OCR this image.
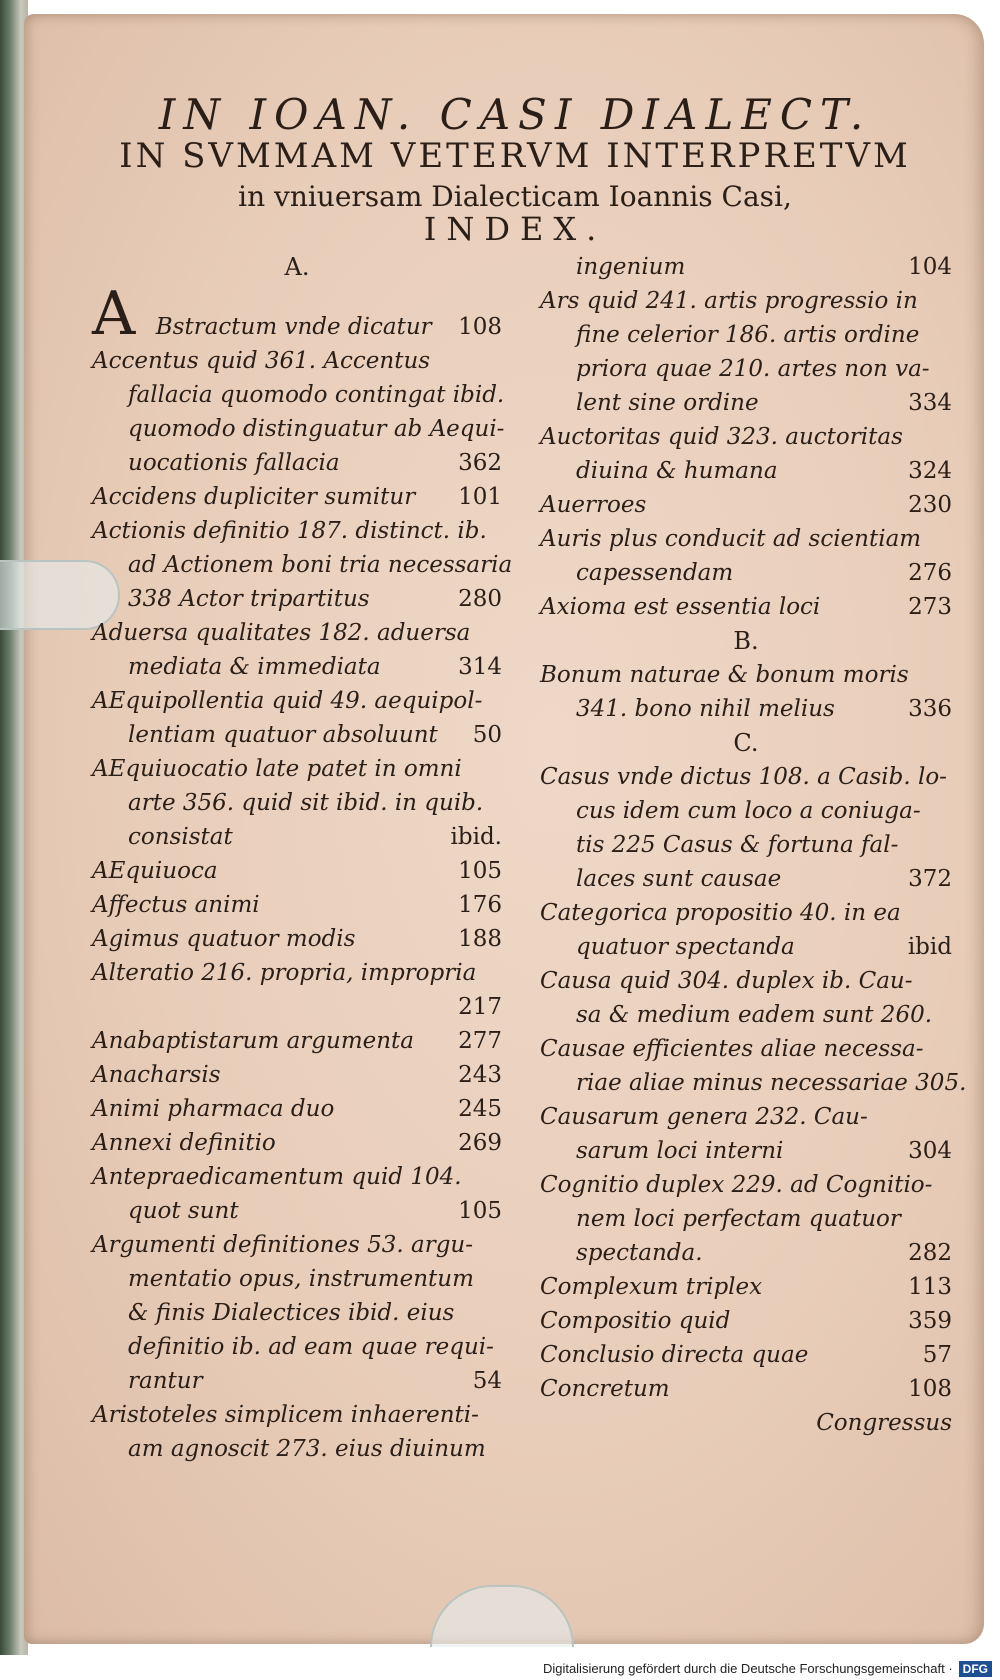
IN IOAN. CASI DIALECT.
IN SVMMAM VETERVM INTERPRETVM
in vniuersam Dialecticam Ioannis Casi,
INDEX.
A.
A Bstractum vnde dicatur	108
Accentus quid 361. Accentus
fallacia quomodo contingat ibid.
quomodo distinguatur ab Aequi-
uocationis fallacia	362
Accidens dupliciter sumitur	101
Actionis definitio 187. distinct. ib.
ad Actionem boni tria necessaria
338 Actor tripartitus	280
Aduersa qualitates 182. aduersa
mediata & immediata	314
AEquipollentia quid 49. aequipol-
lentiam quatuor absoluunt	50
AEquiuocatio late patet in omni
arte 356. quid sit ibid. in quib.
consistat	ibid.
AEquiuoca	105
Affectus animi	176
Agimus quatuor modis	188
Alteratio 216. propria, impropria
217
Anabaptistarum argumenta	277
Anacharsis	243
Animi pharmaca duo	245
Annexi definitio	269
Antepraedicamentum quid 104.
quot sunt	105
Argumenti definitiones 53. argu-
mentatio opus, instrumentum
& finis Dialectices ibid. eius
definitio ib. ad eam quae requi-
rantur	54
Aristoteles simplicem inhaerenti-
am agnoscit 273. eius diuinum
ingenium	104
Ars quid 241. artis progressio in
fine celerior 186. artis ordine
priora quae 210. artes non va-
lent sine ordine	334
Auctoritas quid 323. auctoritas
diuina & humana	324
Auerroes	230
Auris plus conducit ad scientiam
capessendam	276
Axioma est essentia loci	273
B.
Bonum naturae & bonum moris
341. bono nihil melius	336
C.
Casus vnde dictus 108. a Casib. lo-
cus idem cum loco a coniuga-
tis 225 Casus & fortuna fal-
laces sunt causae	372
Categorica propositio 40. in ea
quatuor spectanda	ibid
Causa quid 304. duplex ib. Cau-
sa & medium eadem sunt 260.
Causae efficientes aliae necessa-
riae aliae minus necessariae 305.
Causarum genera 232. Cau-
sarum loci interni	304
Cognitio duplex 229. ad Cognitio-
nem loci perfectam quatuor
spectanda.	282
Complexum triplex	113
Compositio quid	359
Conclusio directa quae	57
Concretum	108
Congressus
Digitalisierung gefördert durch die Deutsche Forschungsgemeinschaft · DFG
